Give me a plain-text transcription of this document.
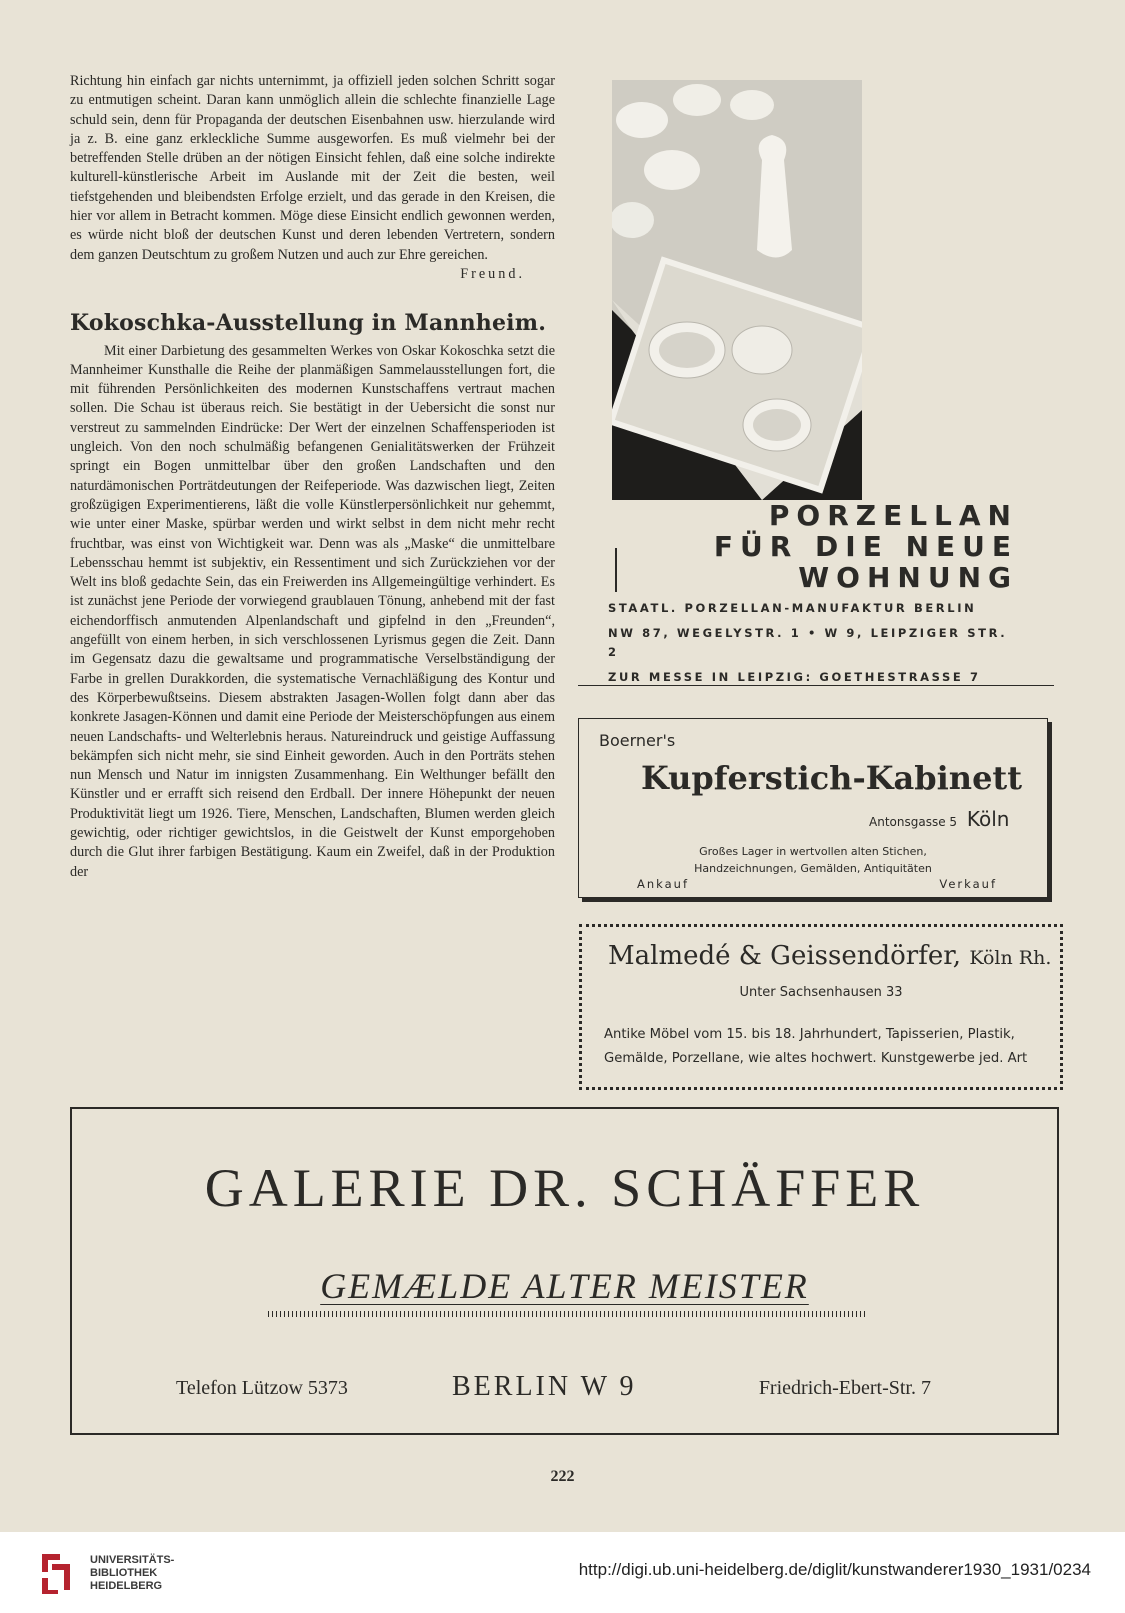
Richtung hin einfach gar nichts unternimmt, ja offiziell jeden solchen Schritt sogar zu entmutigen scheint. Daran kann unmöglich allein die schlechte finanzielle Lage schuld sein, denn für Propaganda der deutschen Eisenbahnen usw. hierzulande wird ja z. B. eine ganz erkleckliche Summe ausgeworfen. Es muß vielmehr bei der betreffenden Stelle drüben an der nötigen Einsicht fehlen, daß eine solche indirekte kulturell-künstlerische Arbeit im Auslande mit der Zeit die besten, weil tiefstgehenden und bleibendsten Erfolge erzielt, und das gerade in den Kreisen, die hier vor allem in Betracht kommen. Möge diese Einsicht endlich gewonnen werden, es würde nicht bloß der deutschen Kunst und deren lebenden Vertretern, sondern dem ganzen Deutschtum zu großem Nutzen und auch zur Ehre gereichen.

Freund.

Kokoschka-Ausstellung in Mannheim.

Mit einer Darbietung des gesammelten Werkes von Oskar Kokoschka setzt die Mannheimer Kunsthalle die Reihe der planmäßigen Sammelausstellungen fort, die mit führenden Persönlichkeiten des modernen Kunstschaffens vertraut machen sollen. Die Schau ist überaus reich. Sie bestätigt in der Uebersicht die sonst nur verstreut zu sammelnden Eindrücke: Der Wert der einzelnen Schaffensperioden ist ungleich. Von den noch schulmäßig befangenen Genialitätswerken der Frühzeit springt ein Bogen unmittelbar über den großen Landschaften und den naturdämonischen Porträtdeutungen der Reifeperiode. Was dazwischen liegt, Zeiten großzügigen Experimentierens, läßt die volle Künstlerpersönlichkeit nur gehemmt, wie unter einer Maske, spürbar werden und wirkt selbst in dem nicht mehr recht fruchtbar, was einst von Wichtigkeit war. Denn was als „Maske“ die unmittelbare Lebensschau hemmt ist subjektiv, ein Ressentiment und sich Zurückziehen vor der Welt ins bloß gedachte Sein, das ein Freiwerden ins Allgemeingültige verhindert. Es ist zunächst jene Periode der vorwiegend graublauen Tönung, anhebend mit der fast eichendorffisch anmutenden Alpenlandschaft und gipfelnd in den „Freunden“, angefüllt von einem herben, in sich verschlossenen Lyrismus gegen die Zeit. Dann im Gegensatz dazu die gewaltsame und programmatische Verselbständigung der Farbe in grellen Durakkorden, die systematische Vernachläßigung des Kontur und des Körperbewußtseins. Diesem abstrakten Jasagen-Wollen folgt dann aber das konkrete Jasagen-Können und damit eine Periode der Meisterschöpfungen aus einem neuen Landschafts- und Welterlebnis heraus. Natureindruck und geistige Auffassung bekämpfen sich nicht mehr, sie sind Einheit geworden. Auch in den Porträts stehen nun Mensch und Natur im innigsten Zusammenhang. Ein Welthunger befällt den Künstler und er errafft sich reisend den Erdball. Der innere Höhepunkt der neuen Produktivität liegt um 1926. Tiere, Menschen, Landschaften, Blumen werden gleich gewichtig, oder richtiger gewichtslos, in die Geistwelt der Kunst emporgehoben durch die Glut ihrer farbigen Bestätigung. Kaum ein Zweifel, daß in der Produktion der

PORZELLAN
FÜR DIE NEUE
WOHNUNG
STAATL. PORZELLAN-MANUFAKTUR BERLIN
NW 87, WEGELYSTR. 1 • W 9, LEIPZIGER STR. 2
ZUR MESSE IN LEIPZIG: GOETHESTRASSE 7
Boerner's
Kupferstich-Kabinett
Antonsgasse 5 Köln
Großes Lager in wertvollen alten Stichen,
Handzeichnungen, Gemälden, Antiquitäten
Ankauf	Verkauf
Malmedé & Geissendörfer, Köln Rh.
Unter Sachsenhausen 33
Antike Möbel vom 15. bis 18. Jahrhundert, Tapisserien, Plastik,
Gemälde, Porzellane, wie altes hochwert. Kunstgewerbe jed. Art
GALERIE DR. SCHÄFFER
GEMÆLDE ALTER MEISTER
Telefon Lützow 5373	BERLIN W 9	Friedrich-Ebert-Str. 7
222
UNIVERSITÄTS-
BIBLIOTHEK
HEIDELBERG
http://digi.ub.uni-heidelberg.de/diglit/kunstwanderer1930_1931/0234
